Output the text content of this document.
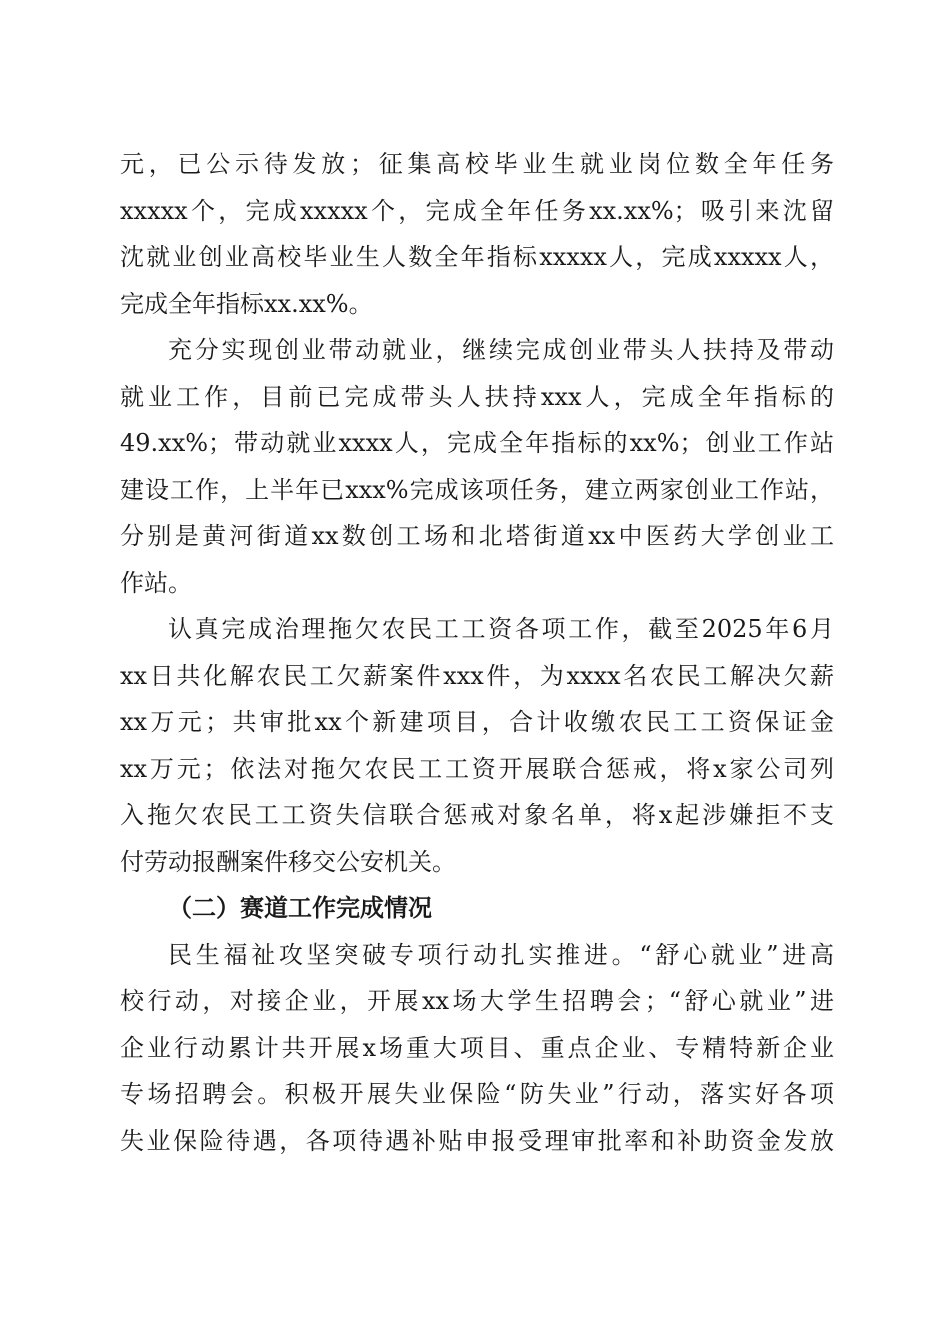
元，已公示待发放；征集高校毕业生就业岗位数全年任务
xxxxx个，完成xxxxx个，完成全年任务xx.xx%；吸引来沈留
沈就业创业高校毕业生人数全年指标xxxxx人，完成xxxxx人，
完成全年指标xx.xx%。
充分实现创业带动就业，继续完成创业带头人扶持及带动
就业工作，目前已完成带头人扶持xxx人，完成全年指标的
49.xx%；带动就业xxxx人，完成全年指标的xx%；创业工作站
建设工作，上半年已xxx%完成该项任务，建立两家创业工作站，
分别是黄河街道xx数创工场和北塔街道xx中医药大学创业工
作站。
认真完成治理拖欠农民工工资各项工作，截至2025年6月
xx日共化解农民工欠薪案件xxx件，为xxxx名农民工解决欠薪
xx万元；共审批xx个新建项目，合计收缴农民工工资保证金
xx万元；依法对拖欠农民工工资开展联合惩戒，将x家公司列
入拖欠农民工工资失信联合惩戒对象名单，将x起涉嫌拒不支
付劳动报酬案件移交公安机关。
（二）赛道工作完成情况
民生福祉攻坚突破专项行动扎实推进。“舒心就业”进高
校行动，对接企业，开展xx场大学生招聘会；“舒心就业”进
企业行动累计共开展x场重大项目、重点企业、专精特新企业
专场招聘会。积极开展失业保险“防失业”行动，落实好各项
失业保险待遇，各项待遇补贴申报受理审批率和补助资金发放
